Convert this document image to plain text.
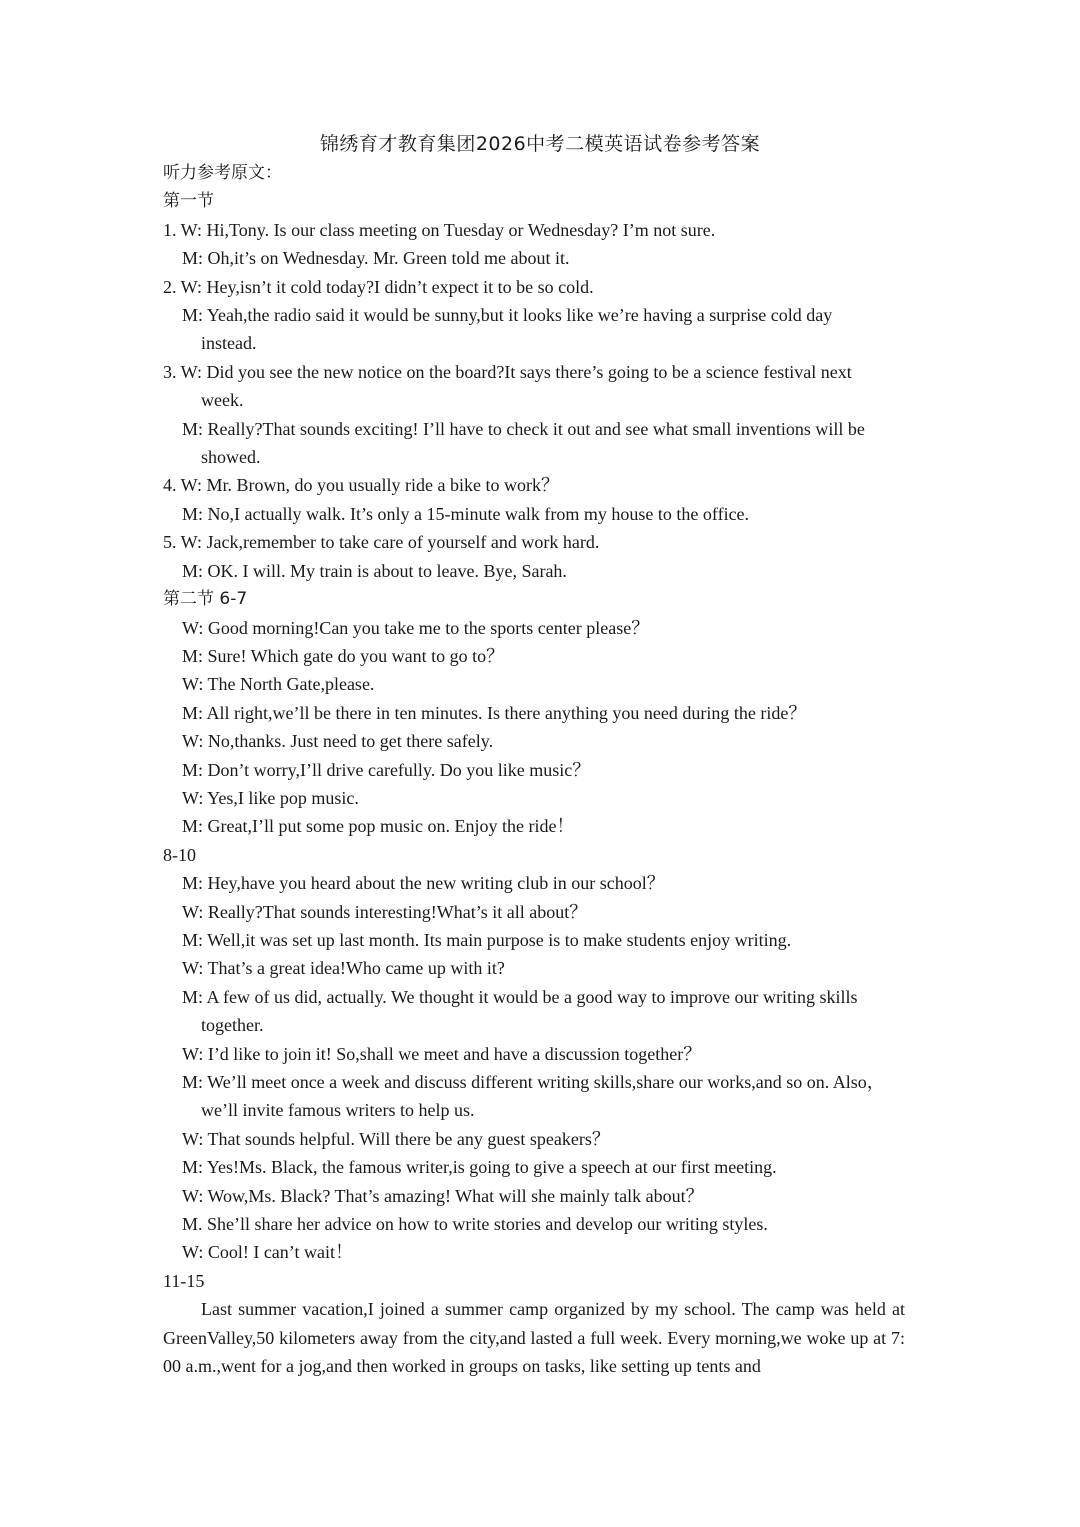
锦绣育才教育集团2026中考二模英语试卷参考答案
听力参考原文：
第一节
1. W: Hi,Tony. Is our class meeting on Tuesday or Wednesday? I’m not sure.
M: Oh,it’s on Wednesday. Mr. Green told me about it.
2. W: Hey,isn’t it cold today?I didn’t expect it to be so cold.
M: Yeah,the radio said it would be sunny,but it looks like we’re having a surprise cold day
instead.
3. W: Did you see the new notice on the board?It says there’s going to be a science festival next
week.
M: Really?That sounds exciting! I’ll have to check it out and see what small inventions will be
showed.
4. W: Mr. Brown, do you usually ride a bike to work？
M: No,I actually walk. It’s only a 15-minute walk from my house to the office.
5. W: Jack,remember to take care of yourself and work hard.
M: OK. I will. My train is about to leave. Bye, Sarah.
第二节 6-7
W: Good morning!Can you take me to the sports center please？
M: Sure! Which gate do you want to go to？
W: The North Gate,please.
M: All right,we’ll be there in ten minutes. Is there anything you need during the ride？
W: No,thanks. Just need to get there safely.
M: Don’t worry,I’ll drive carefully. Do you like music？
W: Yes,I like pop music.
M: Great,I’ll put some pop music on. Enjoy the ride！
8-10
M: Hey,have you heard about the new writing club in our school？
W: Really?That sounds interesting!What’s it all about？
M: Well,it was set up last month. Its main purpose is to make students enjoy writing.
W: That’s a great idea!Who came up with it?
M: A few of us did, actually. We thought it would be a good way to improve our writing skills
together.
W: I’d like to join it! So,shall we meet and have a discussion together？
M: We’ll meet once a week and discuss different writing skills,share our works,and so on. Also，
we’ll invite famous writers to help us.
W: That sounds helpful. Will there be any guest speakers？
M: Yes!Ms. Black, the famous writer,is going to give a speech at our first meeting.
W: Wow,Ms. Black? That’s amazing! What will she mainly talk about？
M. She’ll share her advice on how to write stories and develop our writing styles.
W: Cool! I can’t wait！
11-15
Last summer vacation,I joined a summer camp organized by my school. The camp was held at GreenValley,50 kilometers away from the city,and lasted a full week. Every morning,we woke up at 7: 00 a.m.,went for a jog,and then worked in groups on tasks, like setting up tents and
